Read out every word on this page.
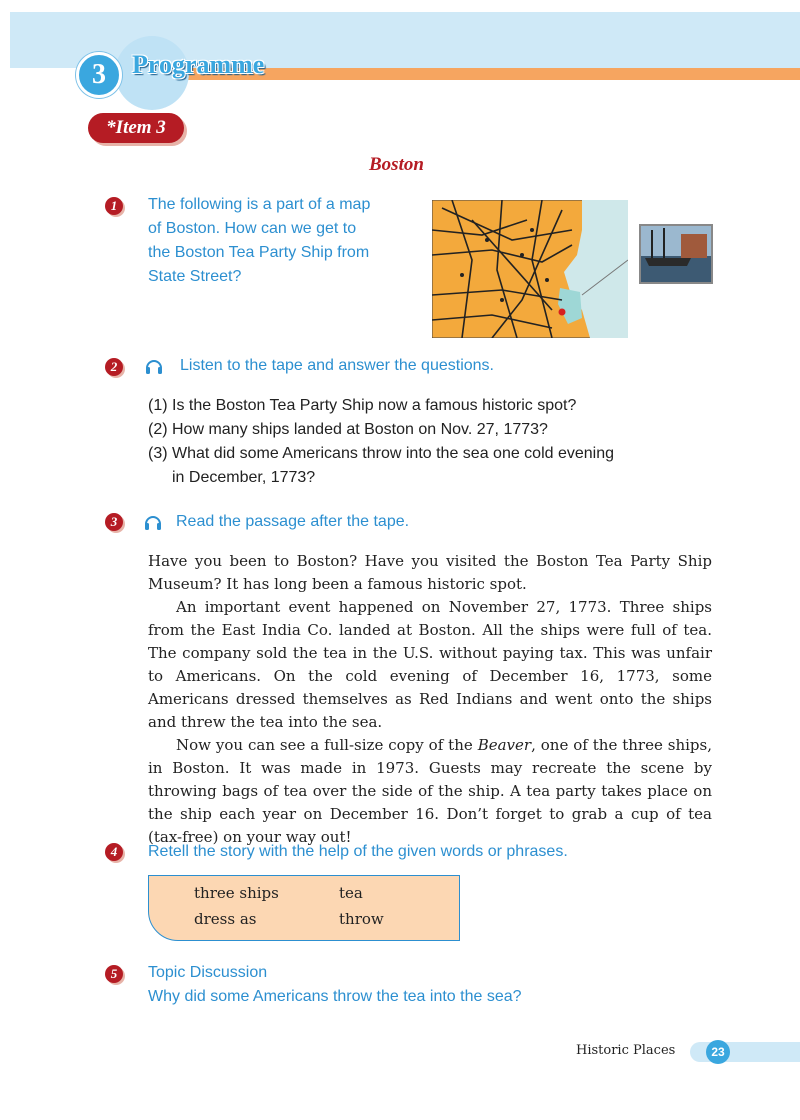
3	Programme
*Item 3
Boston
1	The following is a part of a map
of Boston. How can we get to
the Boston Tea Party Ship from
State Street?
2	Listen to the tape and answer the questions.
(1) Is the Boston Tea Party Ship now a famous historic spot?
(2) How many ships landed at Boston on Nov. 27, 1773?
(3) What did some Americans throw into the sea one cold evening
in December, 1773?
3	Read the passage after the tape.

Have you been to Boston? Have you visited the Boston Tea Party Ship Museum? It has long been a famous historic spot.

An important event happened on November 27, 1773. Three ships from the East India Co. landed at Boston. All the ships were full of tea. The company sold the tea in the U.S. without paying tax. This was unfair to Americans. On the cold evening of December 16, 1773, some Americans dressed themselves as Red Indians and went onto the ships and threw the tea into the sea.

Now you can see a full-size copy of the Beaver, one of the three ships, in Boston. It was made in 1973. Guests may recreate the scene by throwing bags of tea over the side of the ship. A tea party takes place on the ship each year on December 16. Don’t forget to grab a cup of tea (tax-free) on your way out!

4	Retell the story with the help of the given words or phrases.
three ships	tea
dress as	throw
5	Topic Discussion
Why did some Americans throw the tea into the sea?
Historic Places	23
